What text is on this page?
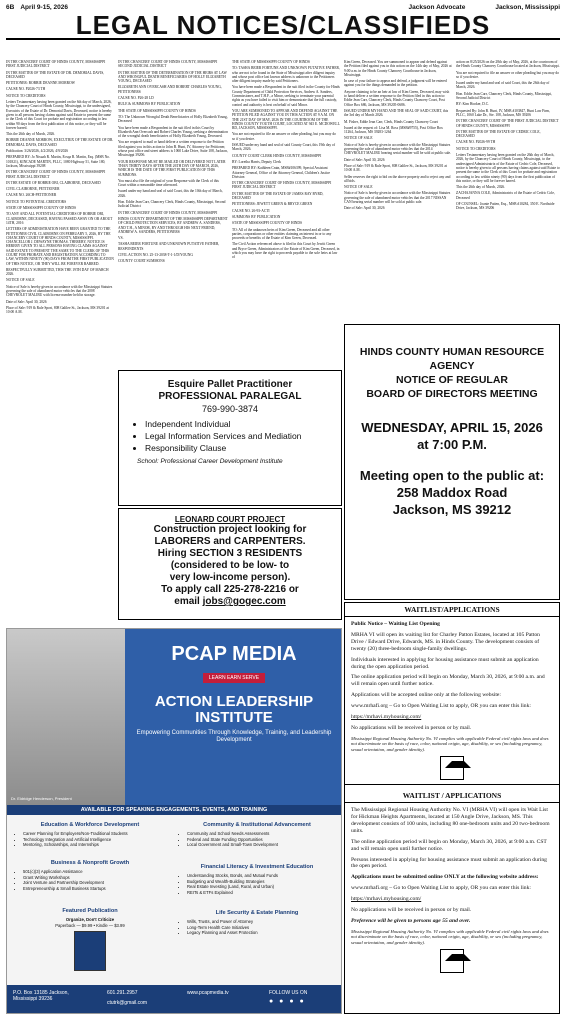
6B April 9-15, 2026	Jackson Advocate	Jackson, Mississippi
LEGAL NOTICES/CLASSIFIEDS

IN THE CHANCERY COURT OF HINDS COUNTY, MISSISSIPPI FIRST JUDICIAL DISTRICT

IN THE MATTER OF THE ESTATE OF DR. DEMORIAL DAVIS, DECEASED

PETITIONER: BOBBIE DEANNE MORROW

CAUSE NO. P2026-73 TH

NOTICE TO CREDITORS

Letters Testamentary having been granted on the 6th day of March, 2026, by the Chancery Court of Hinds County, Mississippi, to the undersigned, Executrix of the Estate of Dr. Demorial Davis, Deceased, notice is hereby given to all persons having claims against said Estate to present the same to the Clerk of this Court for probate and registration according to law within 90 days from the first publication of this notice, or they will be forever barred.

This the 26th day of March, 2026.

BOBBIE DEANNE MORROW, EXECUTRIX OF THE ESTATE OF DR. DEMORIAL DAVIS, DECEASED

Publication: 3/26/2026, 4/2/2026, 4/9/2026

PREPARED BY: Jo Nisuah R. Martin, Ecsqa B. Martin, Esq. (MSB No. 101821), KINCADE MARTIN, PLLC, 1080 Highway 51, Suite 180, Jackson, Mississippi 39208

IN THE CHANCERY COURT OF HINDS COUNTY, MISSISSIPPI FIRST JUDICIAL DISTRICT

IN THE ESTATE OF BOBBIE OBI, CLAIBORNE, DECEASED

CIVIL CLAIBORNE, PETITIONER

CAUSE NO. 26CH-PETITIONER

NOTICE TO POTENTIAL CREDITORS

STATE OF MISSISSIPPI COUNTY OF HINDS

TO ANY AND ALL POTENTIAL CREDITORS OF BOBBIE OBI, CLAIBORNE, DECEASED, HAVING PASSED AWAY ON OR ABOUT 14TH, 2016

LETTERS OF ADMINISTRATION HAVE BEEN GRANTED TO THE PETITIONER CIVIL CLAIBORNE ON FEBRUARY 5, 2026, BY THE CHANCERY COURT OF HINDS COUNTY, MISSISSIPPI. CHANCELLOR J. DEWAYNE THOMAS. THEREBY, NOTICE IS HEREBY GIVEN TO ALL PERSONS HAVING CLAIMS AGAINST SAID ESTATE TO PRESENT THE SAME TO THE CLERK OF THIS COURT FOR PROBATE AND REGISTRATION ACCORDING TO LAW, WITHIN NINETY (90) DAYS FROM THE FIRST PUBLICATION OF THIS NOTICE, OR THEY WILL BE FOREVER BARRED.

RESPECTFULLY SUBMITTED, THIS THE 19TH DAY OF MARCH 2026.

NOTICE OF SALE

Notice of Sale is hereby given in accordance with the Mississippi Statutes governing the sale of abandoned motor vehicles that the 2008 CHEVROLET MALIBU with license number held in storage.

Date of Sale: April 30, 2026

Place of Sale: 919 & Rule Sport, 808 Galilee St., Jackson, MS 39201 at 10:00 A.M.

IN THE CHANCERY COURT OF HINDS COUNTY, MISSISSIPPI SECOND JUDICIAL DISTRICT

IN THE MATTER OF THE DETERMINATION OF THE HEIRS AT LAW AND WRONGFUL DEATH BENEFICIARIES OF HOLLY ELIZABETH YOUNG, DECEASED

ELIZABETH ANN OVERCASH AND ROBERT CHARLES YOUNG, PETITIONERS

CAUSE NO. P26-28 LD

RULE & SUMMONS BY PUBLICATION

THE STATE OF MISSISSIPPI COUNTY OF HINDS

TO: The Unknown Wrongful Death Beneficiaries of Holly Elizabeth Young, Deceased

You have been made a Respondent in the suit filed in this Court by Elizabeth Ann Overcash and Robert Charles Young, seeking a determination of the wrongful death beneficiaries of Holly Elizabeth Young, Deceased.

You are required to mail or hand deliver a written response to the Petition filed against you in this action to John B. Hunt, IV, Attorney for Petitioner, whose post office and street address is 1060 Lake Drive, Suite 108, Jackson, Mississippi 39206.

YOUR RESPONSE MUST BE MAILED OR DELIVERED NOT LATER THAN THIRTY DAYS AFTER THE 26TH DAY OF MARCH, 2026, WHICH IS THE DATE OF THE FIRST PUBLICATION OF THIS SUMMONS.

You must also file the original of your Response with the Clerk of this Court within a reasonable time afterward.

Issued under my hand and seal of said Court, this the 10th day of March, 2026.

Hon. Eddie Jean Carr, Chancery Clerk, Hinds County, Mississippi, Second Judicial District

IN THE CHANCERY COURT OF HINDS COUNTY, MISSISSIPPI

HINDS COUNTY DEPARTMENT OF THE MISSISSIPPI DEPARTMENT OF CHILD PROTECTION SERVICES, BY ANDREW A. SANDERS, AND T.H., A MINOR, BY AND THROUGH HIS NEXT FRIEND, ANDREW A. SANDERS, PETITIONERS

VS.

TASHA BEIER FORTUNE AND UNKNOWN PUTATIVE FATHER, RESPONDENTS

CIVIL ACTION NO. 25-13-2038-T-1-1/D/YOUNG

COUNTY COURT SUMMONS

THE STATE OF MISSISSIPPI COUNTY OF HINDS

TO: TASHA BEIER FORTUNE AND UNKNOWN PUTATIVE FATHER, who are not to be found in the State of Mississippi after diligent inquiry and whose post office last known address is unknown to the Petitioners after diligent inquiry made by said Petitioners.

You have been made a Respondent in the suit filed in the County for Hinds County Department of Child Protection Services, Andrew A. Sanders, Commissioner, and T.H.F., a Minor, seeking to terminate your parental rights as you have failed to visit him or demonstrate that the full custody, control and authority is best on behalf of said Minor.

YOU ARE SUMMONED TO APPEAR AND DEFEND AGAINST THE PETITION FILED AGAINST YOU IN THIS ACTION AT 9 A.M. ON THE 21ST DAY OF MAY, 2026 IN THE COURTROOM OF THE HINDS COUNTY YOUTH COURT, LOCATED AT 945 E. MCDOWELL RD, JACKSON, MISSISSIPPI.

You are not required to file an answer or other pleading, but you may do so if you desire.

ISSUED under my hand and seal of said County Court, this 19th day of March, 2026.

COUNTY COURT CLERK HINDS COUNTY, MISSISSIPPI

BY: Loretha Harris, Deputy Clerk

PREPARED BY: Kathleen Crain, MSB#106399, Special Assistant Attorney General, Office of the Attorney General, Children's Justice Division

IN THE CHANCERY COURT OF HINDS COUNTY, MISSISSIPPI FIRST JUDICIAL DISTRICT

IN THE MATTER OF THE ESTATE OF JAMES RAY BYRD, DECEASED

PETITIONERS: JEWETT GREEN & BRYCE GREEN

CAUSE NO. 26-93-ACTI

SUMMONS BY PUBLICATION

STATE OF MISSISSIPPI COUNTY OF HINDS

TO: All of the unknown heirs of Kim Green, Deceased and all other parties, corporations or other entities claiming an interest in or to any proceeds or benefits of the Estate of Kim Green, Deceased.

The Civil Action referenced above is filed in this Court by Jewitt Green and Bryce Green, Administrators of the Estate of Kim Green, Deceased, in which you may have the right to proceeds payable to the sole heirs at law of

Kim Green, Deceased. You are summoned to appear and defend against the Petition filed against you in this action on the 14th day of May, 2026 at 9:00 a.m. in the Hinds County Chancery Courthouse in Jackson, Mississippi.

In case of your failure to appear and defend, a judgment will be entered against you for the things demanded in the petition.

Anyone claiming to be an heir at law of Kim Green, Deceased, may wish to hand deliver a written response to the Petition filed in this action to: Eddie Jean Carr, Chancery Clerk, Hinds County Chancery Court, Post Office Box 686, Jackson, MS 39205-0686.

ISSUED UNDER MY HAND AND THE SEAL OF SAID COURT, this the 3rd day of March 2026.

M. Fisher, Eddie Jean Carr, Clerk, Hinds County Chancery Court

Issued at the request of: Lisa M. Ross (MSB#9755), Post Office Box 11264, Jackson, MS 39283-1264

NOTICE OF SALE

Notice of Sale is hereby given in accordance with the Mississippi Statutes governing the sale of abandoned motor vehicles that the 2014 CHEVROLET MALIBU bearing serial number will be sold at public sale.

Date of Sale: April 30, 2026

Place of Sale: 919 & Rule Sport, 808 Galilee St., Jackson, MS 39201 at 10:00 A.M.

Seller reserves the right to bid on the above property and to reject any and all bids.

NOTICE OF SALE

Notice of Sale is hereby given in accordance with the Mississippi Statutes governing the sale of abandoned motor vehicles that the 2017 NISSAN CAN bearing serial number will be sold at public sale.

Date of Sale: April 30, 2026

action on 8/25/2026 on the 28th day of May, 2026, at the courtroom of the Hinds County Chancery Courthouse located at Jackson, Mississippi.

You are not required to file an answer or other pleading but you may do so if you desire.

Issued under my hand and seal of said Court, this the 26th day of March, 2026.

Hon. Eddie Jean Carr, Chancery Clerk, Hinds County, Mississippi, Second Judicial District

BY: Kim Hooker, D.C.

Requested By: John B. Hunt, IV, MSB #103847, Hunt Law Firm, PLLC, 1060 Lake Dr., Ste. 108, Jackson, MS 39206

IN THE CHANCERY COURT OF THE FIRST JUDICIAL DISTRICT OF HINDS COUNTY, MISSISSIPPI

IN THE MATTER OF THE ESTATE OF CEDRIC COLE, DECEASED

CAUSE NO. P2026-99 TH

NOTICE TO CREDITORS

Letters Testamentary having been granted on the 26th day of March, 2026, by the Chancery Court of Hinds County, Mississippi, to the undersigned Administratrix of the Estate of Cedric Cole, Deceased, notice is hereby given to all persons having claims against said Estate to present the same to the Clerk of this Court for probate and registration according to law within ninety (90) days from the first publication of this notice, or they will be forever barred.

This the 26th day of March, 2026.

ZACHAJANNA COLE, Administratrix of the Estate of Cedric Cole, Deceased

OF COUNSEL: Joanie Patten, Esq., MSB #10284, 350 E. Northside Drive, Jackson, MS 39206

Esquire Pallet Practitioner
PROFESSIONAL PARALEGAL
769-990-3874
• Independent Individual
• Legal Information Services and Mediation
• Responsibility Clause
School: Professional Career Development Institute
LEONARD COURT PROJECT
Construction project looking for
LABORERS and CARPENTERS.
Hiring SECTION 3 RESIDENTS
(considered to be low- to
very low-income person).
To apply call 225-278-2216 or
email jobs@gogec.com
HINDS COUNTY HUMAN RESOURCE AGENCY
NOTICE OF REGULAR
BOARD OF DIRECTORS MEETING
WEDNESDAY, APRIL 15, 2026
at 7:00 P.M.
Meeting open to the public at:
258 Maddox Road
Jackson, MS 39212
Dr. Eldridge Henderson, President
PCAP MEDIA
LEARN EARN SERVE
ACTION LEADERSHIP
INSTITUTE
Empowering Communities Through Knowledge, Training, and Leadership Development
AVAILABLE FOR SPEAKING ENGAGEMENTS, EVENTS, AND TRAINING
Education & Workforce Development
• Career Planning for Employers/Non-Traditional Students
• Technology Integration and Artificial Intelligence
• Mentoring, Scholarships, and Internships
Community & Institutional Advancement
• Community and School Needs Assessments
• Federal and State Funding Opportunities
• Local Government and Small-Town Development
Business & Nonprofit Growth
• 501(c)(3) Application Assistance
• Grant Writing Workshops
• Joint Venture and Partnership Development
• Entrepreneurship & Small Business Startups
Financial Literacy & Investment Education
• Understanding Stocks, Bonds, and Mutual Funds
• Budgeting and Wealth-Building Strategies
• Real Estate Investing (Land, Rural, and Urban)
• REITs & ETFs Explained
Featured Publication
Organize, Don't Criticize
Paperback — $9.99 • Kindle — $3.99
Life Security & Estate Planning
• Wills, Trusts, and Power of Attorney
• Long-Term Health Care Initiatives
• Legacy Planning and Asset Protection
P.O. Box 13185 Jackson, Mississippi 39236
601.291.2957
ctutrk@gmail.com
www.pcapmedia.tv	FOLLOW US ON
● ● ● ●
WAITLIST/APPLICATIONS

Public Notice – Waiting List Opening

MRHA VI will open its waiting list for Charley Patton Estates, located at 105 Patton Drive / Edward Drive, Edwards, MS. in Hinds County. The development consists of twenty (20) three-bedroom single-family dwellings.

Individuals interested in applying for housing assistance must submit an application during the open application period.

The online application period will begin on Monday, March 30, 2026, at 9:00 a.m. and will remain open until further notice.

Applications will be accepted online only at the following website:

www.mrhafi.org – Go to Open Waiting List to apply, OR you can enter this link:

https://mrhavi.myhousing.com/

No applications will be received in person or by mail.

Mississippi Regional Housing Authority No. VI complies with applicable Federal civil rights laws and does not discriminate on the basis of race, color, national origin, age, disability, or sex (including pregnancy, sexual orientation, and gender identity).

WAITLIST / APPLICATIONS

The Mississippi Regional Housing Authority No. VI (MRHA VI) will open its Wait List for Hickman Heights Apartments, located at 150 Angle Drive, Jackson, MS. This development consists of 100 units, including 80 one-bedroom units and 20 two-bedroom units.

The online application period will begin on Monday, March 30, 2026, at 9:00 a.m. CST and will remain open until further notice.

Persons interested in applying for housing assistance must submit an application during the open period.

Applications must be submitted online ONLY at the following website address:

www.mrhafi.org – Go to Open Waiting List to apply, OR you can enter this link:

https://mrhavi.myhousing.com/

No applications will be received in person or by mail.

Preference will be given to persons age 55 and over.

Mississippi Regional Housing Authority No. VI complies with applicable Federal civil rights laws and does not discriminate on the basis of race, color, national origin, age, disability, or sex (including pregnancy, sexual orientation, and gender identity).
